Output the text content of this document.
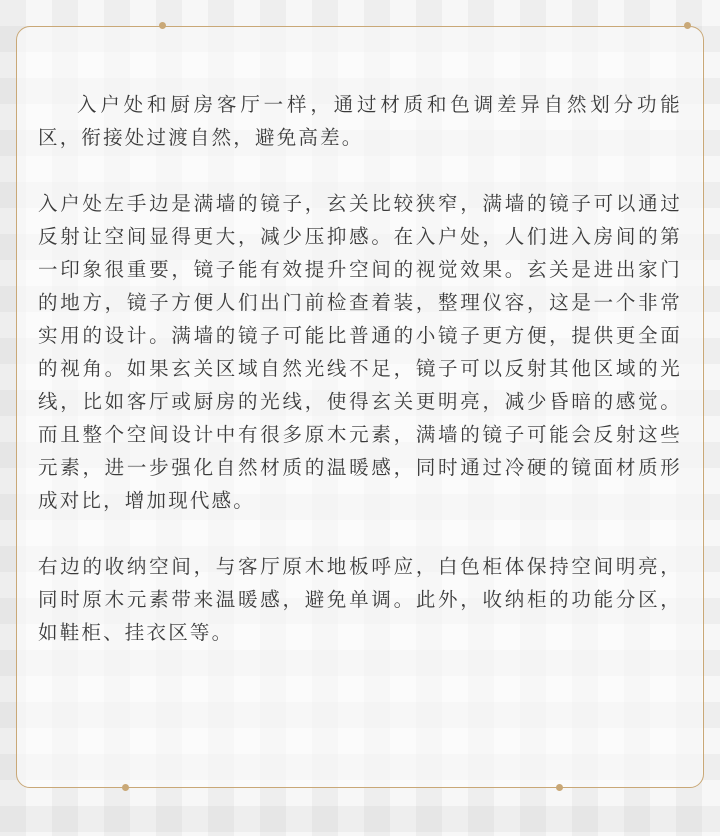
入户处和厨房客厅一样，通过材质和色调差异自然划分功能区，衔接处过渡自然，避免高差。

入户处左手边是满墙的镜子，玄关比较狭窄，满墙的镜子可以通过反射让空间显得更大，减少压抑感。在入户处，人们进入房间的第一印象很重要，镜子能有效提升空间的视觉效果。玄关是进出家门的地方，镜子方便人们出门前检查着装，整理仪容，这是一个非常实用的设计。满墙的镜子可能比普通的小镜子更方便，提供更全面的视角。如果玄关区域自然光线不足，镜子可以反射其他区域的光线，比如客厅或厨房的光线，使得玄关更明亮，减少昏暗的感觉。而且整个空间设计中有很多原木元素，满墙的镜子可能会反射这些元素，进一步强化自然材质的温暖感，同时通过冷硬的镜面材质形成对比，增加现代感。

右边的收纳空间，与客厅原木地板呼应，白色柜体保持空间明亮，同时原木元素带来温暖感，避免单调。此外，收纳柜的功能分区，如鞋柜、挂衣区等。
